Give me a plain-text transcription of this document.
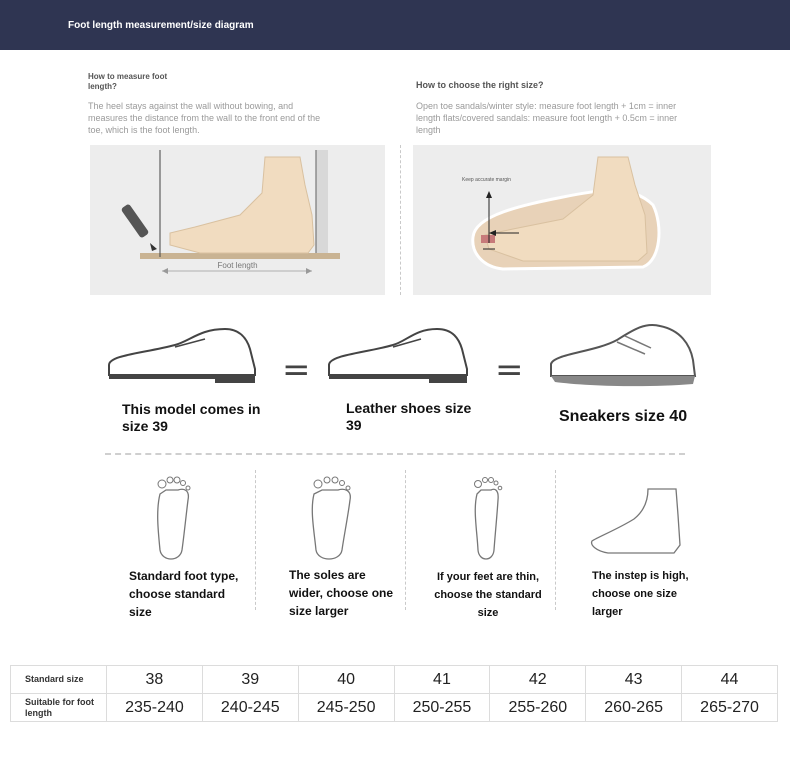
Foot length measurement/size diagram
How to measure foot length?
The heel stays against the wall without bowing, and measures the distance from the wall to the front end of the toe, which is the foot length.
Foot length
How to choose the right size?
Open toe sandals/winter style: measure foot length + 1cm = inner length flats/covered sandals: measure foot length + 0.5cm = inner length
Keep accurate margin
=	=
This model comes in size 39
Leather shoes size 39	Sneakers size 40
Standard foot type, choose standard size
The soles are wider, choose one size larger
If your feet are thin, choose the standard size
The instep is high, choose one size larger
Standard size	38	39	40	41	42	43	44
Suitable for foot length	235-240	240-245	245-250	250-255	255-260	260-265	265-270
